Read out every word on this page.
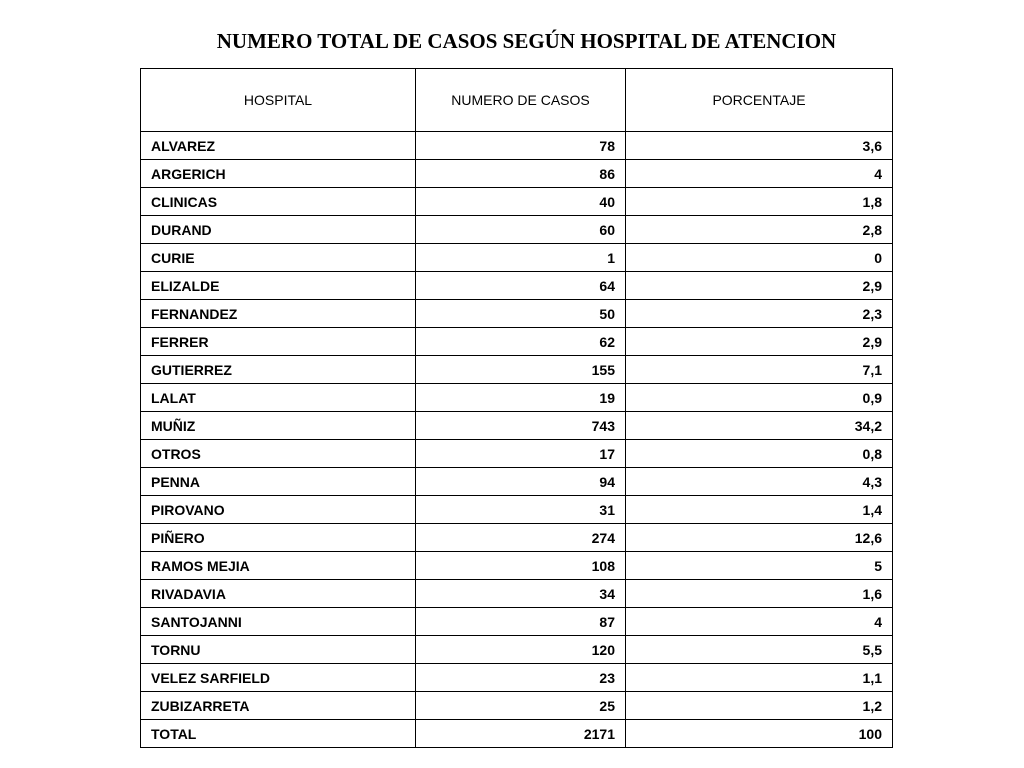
NUMERO TOTAL DE CASOS SEGÚN HOSPITAL DE ATENCION
HOSPITAL	NUMERO DE CASOS	PORCENTAJE
ALVAREZ	78	3,6
ARGERICH	86	4
CLINICAS	40	1,8
DURAND	60	2,8
CURIE	1	0
ELIZALDE	64	2,9
FERNANDEZ	50	2,3
FERRER	62	2,9
GUTIERREZ	155	7,1
LALAT	19	0,9
MUÑIZ	743	34,2
OTROS	17	0,8
PENNA	94	4,3
PIROVANO	31	1,4
PIÑERO	274	12,6
RAMOS MEJIA	108	5
RIVADAVIA	34	1,6
SANTOJANNI	87	4
TORNU	120	5,5
VELEZ SARFIELD	23	1,1
ZUBIZARRETA	25	1,2
TOTAL	2171	100
